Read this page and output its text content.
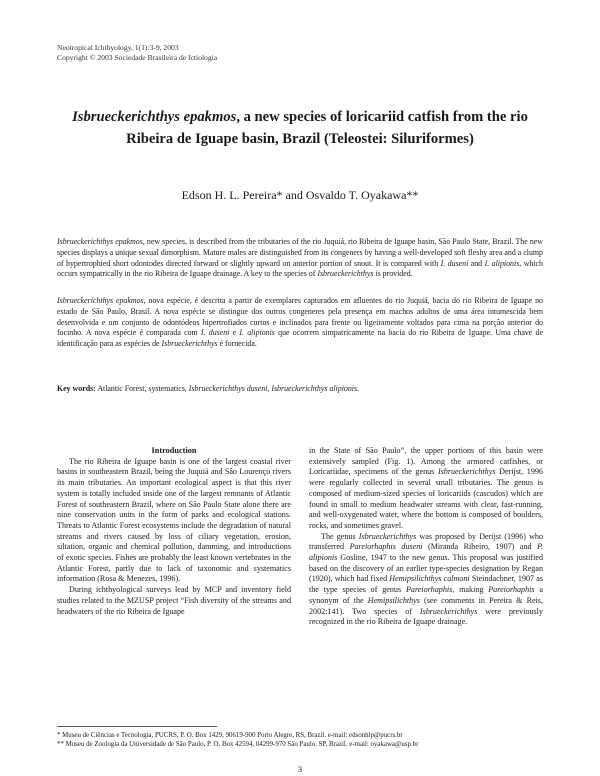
Neotropical Ichthyology, 1(1):3-9, 2003
Copyright © 2003 Sociedade Brasileira de Ictiologia
Isbrueckerichthys epakmos, a new species of loricariid catfish from the rio
Ribeira de Iguape basin, Brazil (Teleostei: Siluriformes)
Edson H. L. Pereira* and Osvaldo T. Oyakawa**
Isbrueckerichthys epakmos, new species, is described from the tributaries of the rio Juquiá, rio Ribeira de Iguape basin, São Paulo State, Brazil. The new species displays a unique sexual dimorphism. Mature males are distinguished from its congeners by having a well-developed soft fleshy area and a clump of hypertrophied short odontodes directed forward or slightly upward on anterior portion of snout. It is compared with I. duseni and I. alipionis, which occurs sympatrically in the rio Ribeira de Iguape drainage. A key to the species of Isbrueckerichthys is provided.
Isbrueckerichthys epakmos, nova espécie, é descrita a partir de exemplares capturados em afluentes do rio Juquiá, bacia do rio Ribeira de Iguape no estado de São Paulo, Brasil. A nova espécie se distingue dos outros congeneres pela presença em machos adultos de uma área intumescida bem desenvolvida e um conjunto de odontódeos hipertrofiados curtos e inclinados para frente ou ligeiramente voltados para cima na porção anterior do focinho. A nova espécie é comparada com I. duseni e I. alipionis que ocorrem simpatricamente na bacia do rio Ribeira de Iguape. Uma chave de identificação para as espécies de Isbrueckerichthys é fornecida.
Key words: Atlantic Forest, systematics, Isbrueckerichthys duseni, Isbrueckerichthys alipionis.

Introduction

The rio Ribeira de Iguape basin is one of the largest coastal river basins in southeastern Brazil, being the Juquiá and São Lourenço rivers its main tributaries. An important ecological aspect is that this river system is totally included inside one of the largest remnants of Atlantic Forest of southeastern Brazil, where on São Paulo State alone there are nine conservation units in the form of parks and ecological stations. Threats to Atlantic Forest ecosystems include the degradation of natural streams and rivers caused by loss of ciliary vegetation, erosion, siltation, organic and chemical pollution, damming, and introductions of exotic species. Fishes are probably the least known vertebrates in the Atlantic Forest, partly due to lack of taxonomic and systematics information (Rosa & Menezes, 1996).

During ichthyological surveys lead by MCP and inventory field studies related to the MZUSP project “Fish diversity of the streams and headwaters of the rio Ribeira de Iguape

in the State of São Paulo”, the upper portions of this basin were extensively sampled (Fig. 1). Among the armored catfishes, or Loricariidae, specimens of the genus Isbrueckerichthys Derijst, 1996 were regularly collected in several small tributaries. The genus is composed of medium-sized species of loricariids (cascudos) which are found in small to medium headwater streams with clear, fast-running, and well-oxygenated water, where the bottom is composed of boulders, rocks, and sometimes gravel.

The genus Isbrueckerichthys was proposed by Derijst (1996) who transferred Pareiorhaphis duseni (Miranda Ribeiro, 1907) and P. alipionis Gosline, 1947 to the new genus. This proposal was justified based on the discovery of an earlier type-species designation by Regan (1920), which had fixed Hemipsilichthys calmoni Steindachner, 1907 as the type species of genus Pareiorhaphis, making Pareiorhaphis a synonym of the Hemipsilichthys (see comments in Pereira & Reis, 2002:141). Two species of Isbrueckerichthys were previously recognized in the rio Ribeira de Iguape drainage.

* Museu de Ciências e Tecnologia, PUCRS, P. O. Box 1429, 90619-900 Porto Alegre, RS, Brazil. e-mail: edsonhlp@pucrs.br
** Museu de Zoologia da Universidade de São Paulo, P. O. Box 42594, 04299-970 São Paulo, SP, Brazil. e-mail: oyakawa@usp.br
3
